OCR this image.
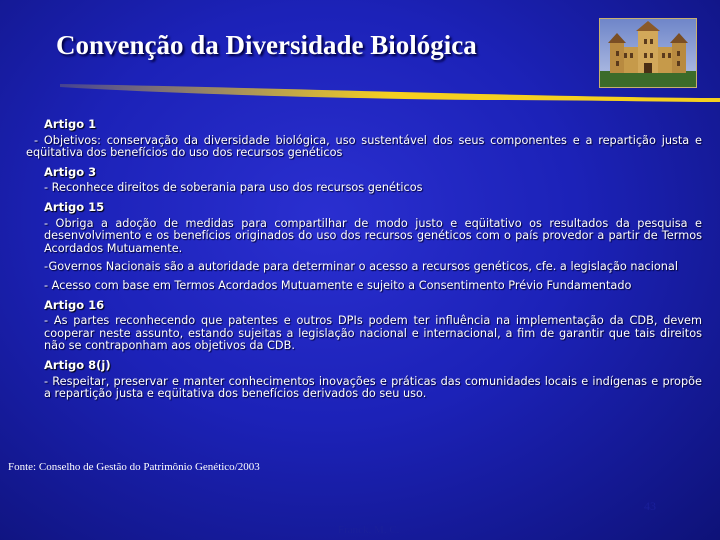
Convenção da Diversidade Biológica
Artigo 1
- Objetivos: conservação da diversidade biológica, uso sustentável dos seus componentes e a repartição justa e eqüitativa dos benefícios do uso dos recursos genéticos
Artigo 3
- Reconhece direitos de soberania para uso dos recursos genéticos
Artigo 15
- Obriga a adoção de medidas para compartilhar de modo justo e eqüitativo os resultados da pesquisa e desenvolvimento e os benefícios originados do uso dos recursos genéticos com o país provedor a partir de Termos Acordados Mutuamente.
-Governos Nacionais são a autoridade para determinar o acesso a recursos genéticos, cfe. a legislação nacional
- Acesso com base em Termos Acordados Mutuamente e sujeito a Consentimento Prévio Fundamentado
Artigo 16
- As partes reconhecendo que patentes e outros DPIs podem ter influência na implementação da CDB, devem cooperar neste assunto, estando sujeitas a legislação nacional e internacional, a fim de garantir que tais direitos não se contraponham aos objetivos da CDB.
Artigo 8(j)
- Respeitar, preservar e manter conhecimentos inovações e práticas das comunidades locais e indígenas e propõe a repartição justa e eqüitativa dos benefícios derivados do seu uso.
Fonte: Conselho de Gestão do Patrimônio Genético/2003
43
Franck, M. C.
